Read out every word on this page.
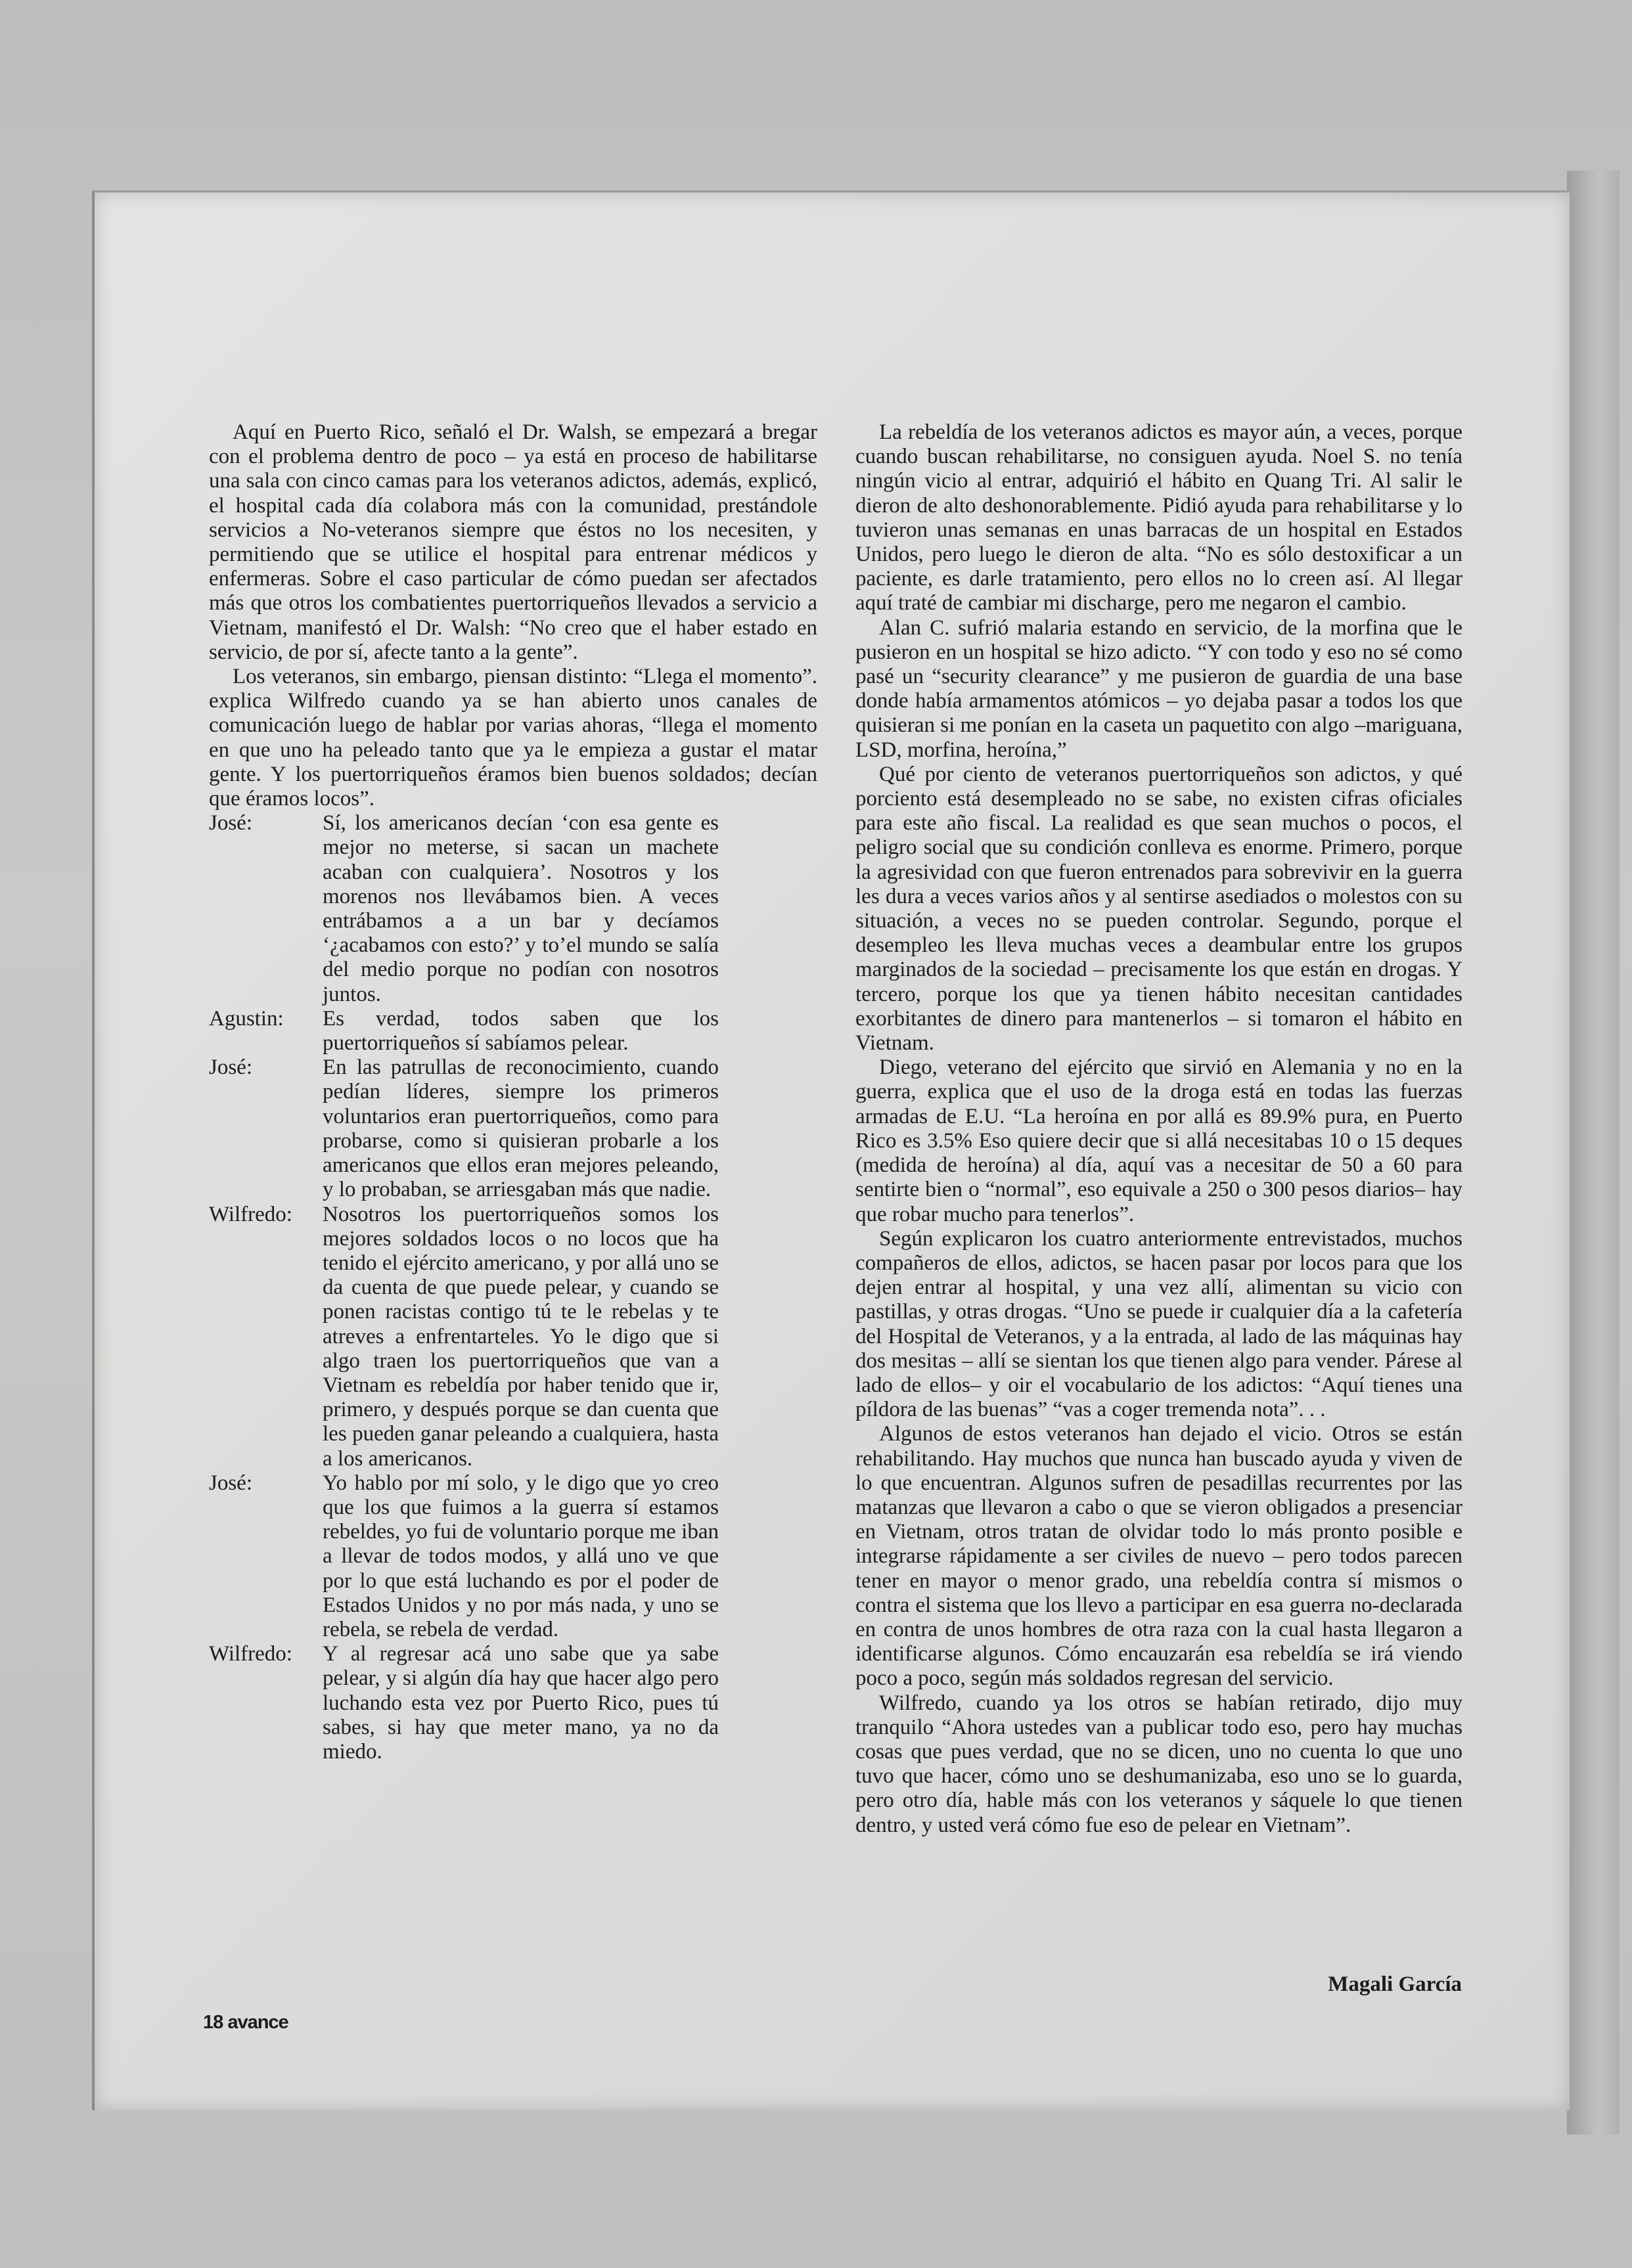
Aquí en Puerto Rico, señaló el Dr. Walsh, se empezará a bregar con el problema dentro de poco – ya está en proceso de habilitarse una sala con cinco camas para los veteranos adictos, además, explicó, el hospital cada día colabora más con la comunidad, prestándole servicios a No-veteranos siempre que éstos no los necesiten, y permitiendo que se utilice el hospital para entrenar médicos y enfermeras. Sobre el caso particular de cómo puedan ser afectados más que otros los combatientes puertorriqueños llevados a servicio a Vietnam, manifestó el Dr. Walsh: “No creo que el haber estado en servicio, de por sí, afecte tanto a la gente”.

Los veteranos, sin embargo, piensan distinto: “Llega el momento”. explica Wilfredo cuando ya se han abierto unos canales de comunicación luego de hablar por varias ahoras, “llega el momento en que uno ha peleado tanto que ya le empieza a gustar el matar gente. Y los puertorriqueños éramos bien buenos soldados; decían que éramos locos”.

José:	Sí, los americanos decían ‘con esa gente es mejor no meterse, si sacan un machete acaban con cualquiera’. Nosotros y los morenos nos llevábamos bien. A veces entrábamos a a un bar y decíamos ‘¿acabamos con esto?’ y to’el mundo se salía del medio porque no podían con nosotros juntos.
Agustin:	Es verdad, todos saben que los puertorriqueños sí sabíamos pelear.
José:	En las patrullas de reconocimiento, cuando pedían líderes, siempre los primeros voluntarios eran puertorriqueños, como para probarse, como si quisieran probarle a los americanos que ellos eran mejores peleando, y lo probaban, se arriesgaban más que nadie.
Wilfredo:	Nosotros los puertorriqueños somos los mejores soldados locos o no locos que ha tenido el ejército americano, y por allá uno se da cuenta de que puede pelear, y cuando se ponen racistas contigo tú te le rebelas y te atreves a enfrentarteles. Yo le digo que si algo traen los puertorriqueños que van a Vietnam es rebeldía por haber tenido que ir, primero, y después porque se dan cuenta que les pueden ganar peleando a cualquiera, hasta a los americanos.
José:	Yo hablo por mí solo, y le digo que yo creo que los que fuimos a la guerra sí estamos rebeldes, yo fui de voluntario porque me iban a llevar de todos modos, y allá uno ve que por lo que está luchando es por el poder de Estados Unidos y no por más nada, y uno se rebela, se rebela de verdad.
Wilfredo:	Y al regresar acá uno sabe que ya sabe pelear, y si algún día hay que hacer algo pero luchando esta vez por Puerto Rico, pues tú sabes, si hay que meter mano, ya no da miedo.

La rebeldía de los veteranos adictos es mayor aún, a veces, porque cuando buscan rehabilitarse, no consiguen ayuda. Noel S. no tenía ningún vicio al entrar, adquirió el hábito en Quang Tri. Al salir le dieron de alto deshonorablemente. Pidió ayuda para rehabilitarse y lo tuvieron unas semanas en unas barracas de un hospital en Estados Unidos, pero luego le dieron de alta. “No es sólo destoxificar a un paciente, es darle tratamiento, pero ellos no lo creen así. Al llegar aquí traté de cambiar mi discharge, pero me negaron el cambio.

Alan C. sufrió malaria estando en servicio, de la morfina que le pusieron en un hospital se hizo adicto. “Y con todo y eso no sé como pasé un “security clearance” y me pusieron de guardia de una base donde había armamentos atómicos – yo dejaba pasar a todos los que quisieran si me ponían en la caseta un paquetito con algo –mariguana, LSD, morfina, heroína,”

Qué por ciento de veteranos puertorriqueños son adictos, y qué porciento está desempleado no se sabe, no existen cifras oficiales para este año fiscal. La realidad es que sean muchos o pocos, el peligro social que su condición conlleva es enorme. Primero, porque la agresividad con que fueron entrenados para sobrevivir en la guerra les dura a veces varios años y al sentirse asediados o molestos con su situación, a veces no se pueden controlar. Segundo, porque el desempleo les lleva muchas veces a deambular entre los grupos marginados de la sociedad – precisamente los que están en drogas. Y tercero, porque los que ya tienen hábito necesitan cantidades exorbitantes de dinero para mantenerlos – si tomaron el hábito en Vietnam.

Diego, veterano del ejército que sirvió en Alemania y no en la guerra, explica que el uso de la droga está en todas las fuerzas armadas de E.U. “La heroína en por allá es 89.9% pura, en Puerto Rico es 3.5% Eso quiere decir que si allá necesitabas 10 o 15 deques (medida de heroína) al día, aquí vas a necesitar de 50 a 60 para sentirte bien o “normal”, eso equivale a 250 o 300 pesos diarios– hay que robar mucho para tenerlos”.

Según explicaron los cuatro anteriormente entrevistados, muchos compañeros de ellos, adictos, se hacen pasar por locos para que los dejen entrar al hospital, y una vez allí, alimentan su vicio con pastillas, y otras drogas. “Uno se puede ir cualquier día a la cafetería del Hospital de Veteranos, y a la entrada, al lado de las máquinas hay dos mesitas – allí se sientan los que tienen algo para vender. Párese al lado de ellos– y oir el vocabulario de los adictos: “Aquí tienes una píldora de las buenas” “vas a coger tremenda nota”. . .

Algunos de estos veteranos han dejado el vicio. Otros se están rehabilitando. Hay muchos que nunca han buscado ayuda y viven de lo que encuentran. Algunos sufren de pesadillas recurrentes por las matanzas que llevaron a cabo o que se vieron obligados a presenciar en Vietnam, otros tratan de olvidar todo lo más pronto posible e integrarse rápidamente a ser civiles de nuevo – pero todos parecen tener en mayor o menor grado, una rebeldía contra sí mismos o contra el sistema que los llevo a participar en esa guerra no-declarada en contra de unos hombres de otra raza con la cual hasta llegaron a identificarse algunos. Cómo encauzarán esa rebeldía se irá viendo poco a poco, según más soldados regresan del servicio.

Wilfredo, cuando ya los otros se habían retirado, dijo muy tranquilo “Ahora ustedes van a publicar todo eso, pero hay muchas cosas que pues verdad, que no se dicen, uno no cuenta lo que uno tuvo que hacer, cómo uno se deshumanizaba, eso uno se lo guarda, pero otro día, hable más con los veteranos y sáquele lo que tienen dentro, y usted verá cómo fue eso de pelear en Vietnam”.

Magali García
18 avance
